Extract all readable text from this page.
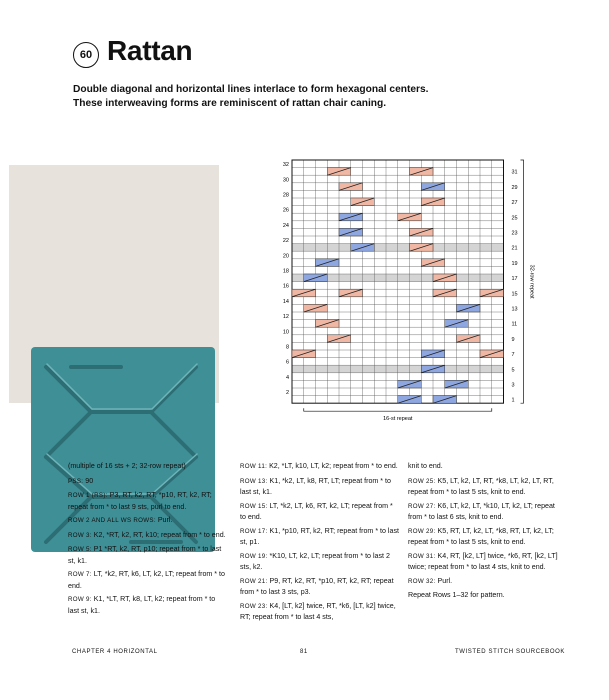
60 Rattan

Double diagonal and horizontal lines interlace to form hexagonal centers.

These interweaving forms are reminiscent of rattan chair caning.

32
30
28
26
24
22
20
18
16
14
12
10
8
6
4
2
31
29
27
25
23
21
19
17
15
13
11
9
7
5
3
1
32-row repeat
16-st repeat

(multiple of 16 sts + 2; 32-row repeat)

PSS: 90

ROW 1 (RS): P3, RT, k2, RT, *p10, RT, k2, RT; repeat from * to last 9 sts, purl to end.

ROW 2 AND ALL WS ROWS: Purl.

ROW 3: K2, *RT, k2, RT, k10; repeat from * to end.

ROW 5: P1 *RT, k2, RT, p10; repeat from * to last st, k1.

ROW 7: LT, *k2, RT, k6, LT, k2, LT; repeat from * to end.

ROW 9: K1, *LT, RT, k8, LT, k2; repeat from * to last st, k1.

ROW 11: K2, *LT, k10, LT, k2; repeat from * to end.

ROW 13: K1, *k2, LT, k8, RT, LT; repeat from * to last st, k1.

ROW 15: LT, *k2, LT, k6, RT, k2, LT; repeat from * to end.

ROW 17: K1, *p10, RT, k2, RT; repeat from * to last st, p1.

ROW 19: *K10, LT, k2, LT; repeat from * to last 2 sts, k2.

ROW 21: P9, RT, k2, RT, *p10, RT, k2, RT; repeat from * to last 3 sts, p3.

ROW 23: K4, [LT, k2] twice, RT, *k6, [LT, k2] twice, RT; repeat from * to last 4 sts,

knit to end.

ROW 25: K5, LT, k2, LT, RT, *k8, LT, k2, LT, RT, repeat from * to last 5 sts, knit to end.

ROW 27: K6, LT, k2, LT, *k10, LT, k2, LT; repeat from * to last 6 sts, knit to end.

ROW 29: K5, RT, LT, k2, LT, *k8, RT, LT, k2, LT; repeat from * to last 5 sts, knit to end.

ROW 31: K4, RT, [k2, LT] twice, *k6, RT, [k2, LT] twice; repeat from * to last 4 sts, knit to end.

ROW 32: Purl.

Repeat Rows 1–32 for pattern.

CHAPTER 4 HORIZONTAL	81	TWISTED STITCH SOURCEBOOK
